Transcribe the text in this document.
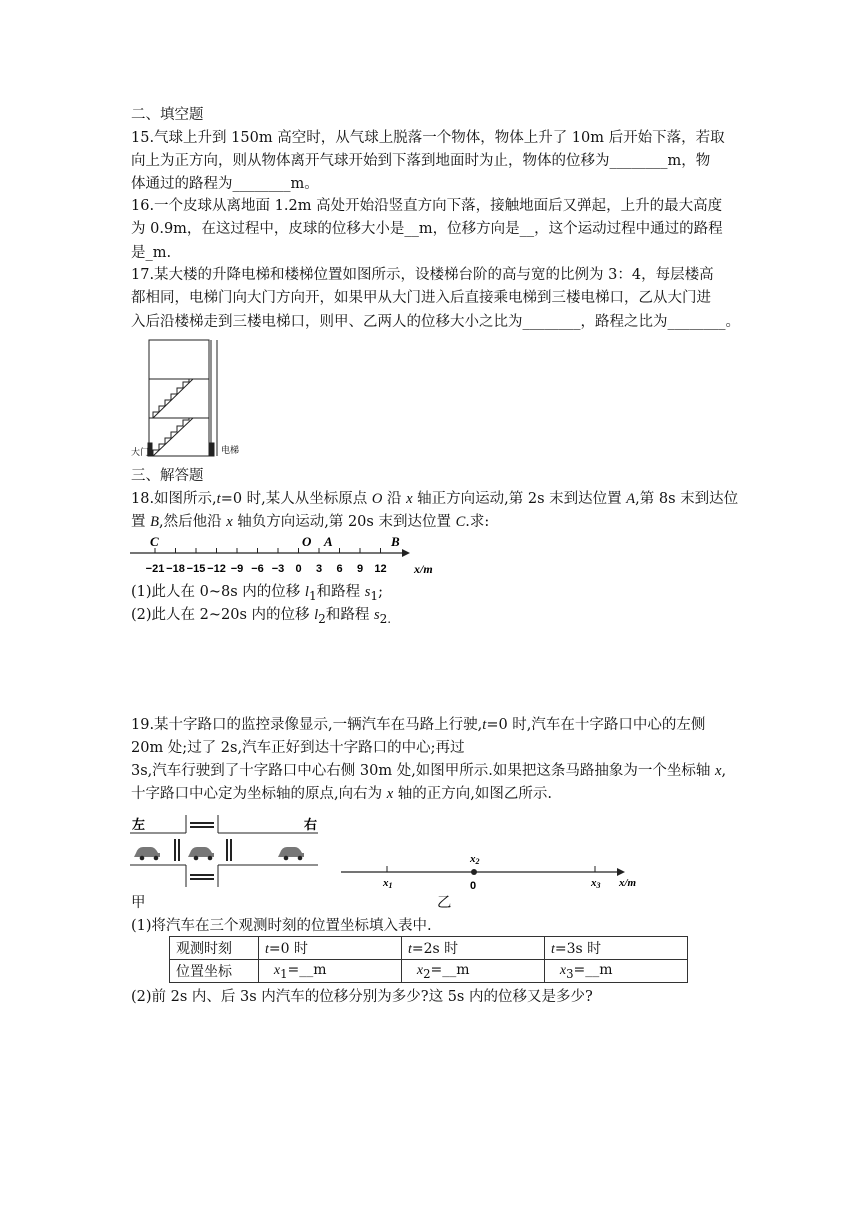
二、填空题
15.气球上升到 150m 高空时，从气球上脱落一个物体，物体上升了 10m 后开始下落，若取
向上为正方向，则从物体离开气球开始到下落到地面时为止，物体的位移为________m，物
体通过的路程为________m。
16.一个皮球从离地面 1.2m 高处开始沿竖直方向下落，接触地面后又弹起，上升的最大高度
为 0.9m，在这过程中，皮球的位移大小是__m，位移方向是__，这个运动过程中通过的路程
是_m.
17.某大楼的升降电梯和楼梯位置如图所示，设楼梯台阶的高与宽的比例为 3：4，每层楼高
都相同，电梯门向大门方向开，如果甲从大门进入后直接乘电梯到三楼电梯口，乙从大门进
入后沿楼梯走到三楼电梯口，则甲、乙两人的位移大小之比为________，路程之比为________。
大门	电梯
三、解答题
18.如图所示,t=0 时,某人从坐标原点 O 沿 x 轴正方向运动,第 2s 末到达位置 A,第 8s 末到达位
置 B,然后他沿 x 轴负方向运动,第 20s 末到达位置 C.求:
−21 −18 −15 −12 −9 −6 −3 0 3 6 9 12
C	O A	B
x/m
(1)此人在 0~8s 内的位移 $l_1$和路程 $s_1$;
(2)此人在 2~20s 内的位移 $l_2$和路程 $s_{2.}$
19.某十字路口的监控录像显示,一辆汽车在马路上行驶,t=0 时,汽车在十字路口中心的左侧
20m 处;过了 2s,汽车正好到达十字路口的中心;再过
3s,汽车行驶到了十字路口中心右侧 30m 处,如图甲所示.如果把这条马路抽象为一个坐标轴 x,
十字路口中心定为坐标轴的原点,向右为 x 轴的正方向,如图乙所示.
左	右
x1
x2
x3 x/m
0
甲	乙
(1)将汽车在三个观测时刻的位置坐标填入表中.
观测时刻	t=0 时	t=2s 时	t=3s 时
位置坐标	$x_1=\_\_m$	$x_2=\_\_m$	$x_3=\_\_m$
(2)前 2s 内、后 3s 内汽车的位移分别为多少?这 5s 内的位移又是多少?
